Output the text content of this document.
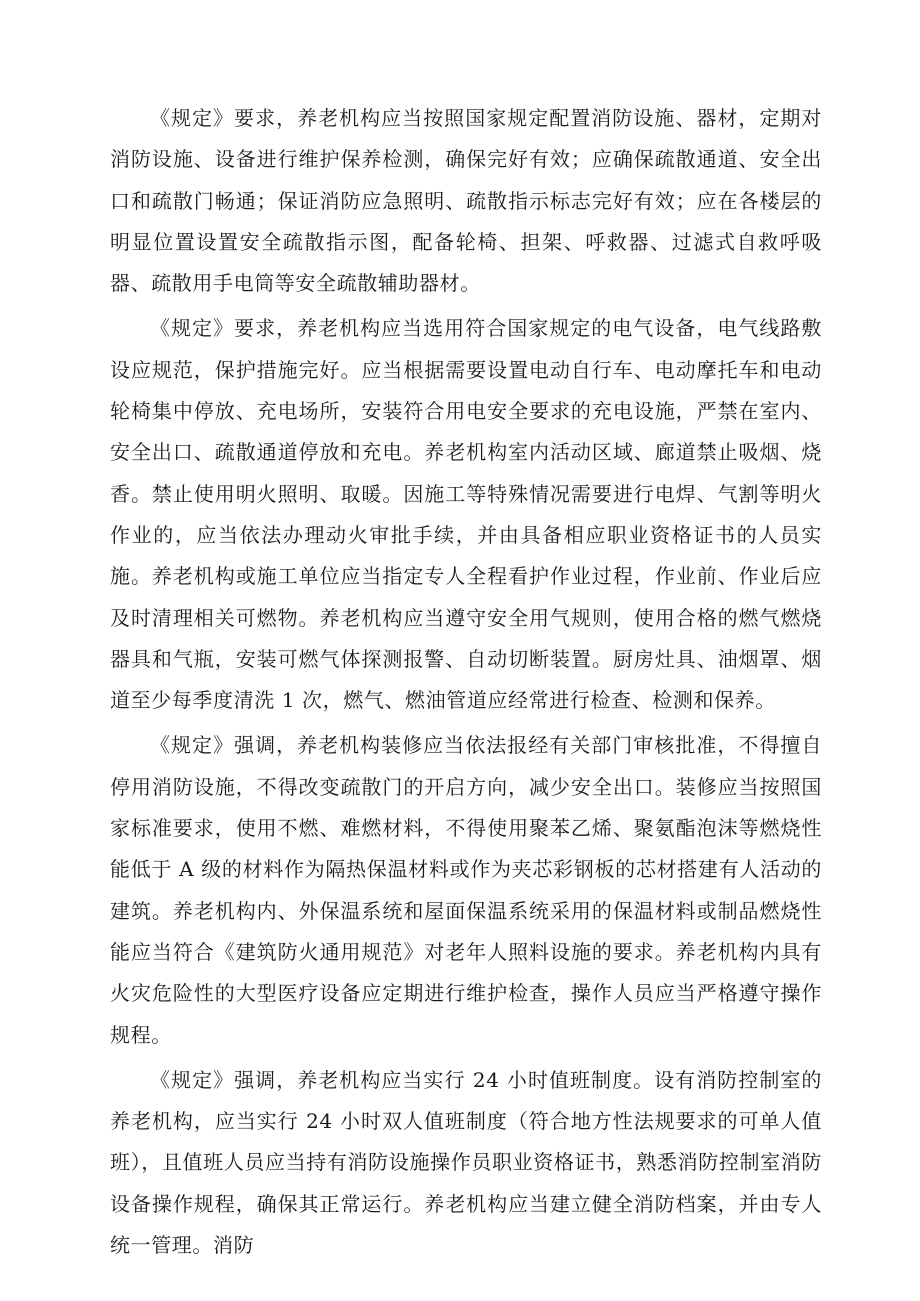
《规定》要求，养老机构应当按照国家规定配置消防设施、器材，定期对消防设施、设备进行维护保养检测，确保完好有效；应确保疏散通道、安全出口和疏散门畅通；保证消防应急照明、疏散指示标志完好有效；应在各楼层的明显位置设置安全疏散指示图，配备轮椅、担架、呼救器、过滤式自救呼吸器、疏散用手电筒等安全疏散辅助器材。

《规定》要求，养老机构应当选用符合国家规定的电气设备，电气线路敷设应规范，保护措施完好。应当根据需要设置电动自行车、电动摩托车和电动轮椅集中停放、充电场所，安装符合用电安全要求的充电设施，严禁在室内、安全出口、疏散通道停放和充电。养老机构室内活动区域、廊道禁止吸烟、烧香。禁止使用明火照明、取暖。因施工等特殊情况需要进行电焊、气割等明火作业的，应当依法办理动火审批手续，并由具备相应职业资格证书的人员实施。养老机构或施工单位应当指定专人全程看护作业过程，作业前、作业后应及时清理相关可燃物。养老机构应当遵守安全用气规则，使用合格的燃气燃烧器具和气瓶，安装可燃气体探测报警、自动切断装置。厨房灶具、油烟罩、烟道至少每季度清洗 1 次，燃气、燃油管道应经常进行检查、检测和保养。

《规定》强调，养老机构装修应当依法报经有关部门审核批准，不得擅自停用消防设施，不得改变疏散门的开启方向，减少安全出口。装修应当按照国家标准要求，使用不燃、难燃材料，不得使用聚苯乙烯、聚氨酯泡沫等燃烧性能低于 A 级的材料作为隔热保温材料或作为夹芯彩钢板的芯材搭建有人活动的建筑。养老机构内、外保温系统和屋面保温系统采用的保温材料或制品燃烧性能应当符合《建筑防火通用规范》对老年人照料设施的要求。养老机构内具有火灾危险性的大型医疗设备应定期进行维护检查，操作人员应当严格遵守操作规程。

《规定》强调，养老机构应当实行 24 小时值班制度。设有消防控制室的养老机构，应当实行 24 小时双人值班制度（符合地方性法规要求的可单人值班），且值班人员应当持有消防设施操作员职业资格证书，熟悉消防控制室消防设备操作规程，确保其正常运行。养老机构应当建立健全消防档案，并由专人统一管理。消防
